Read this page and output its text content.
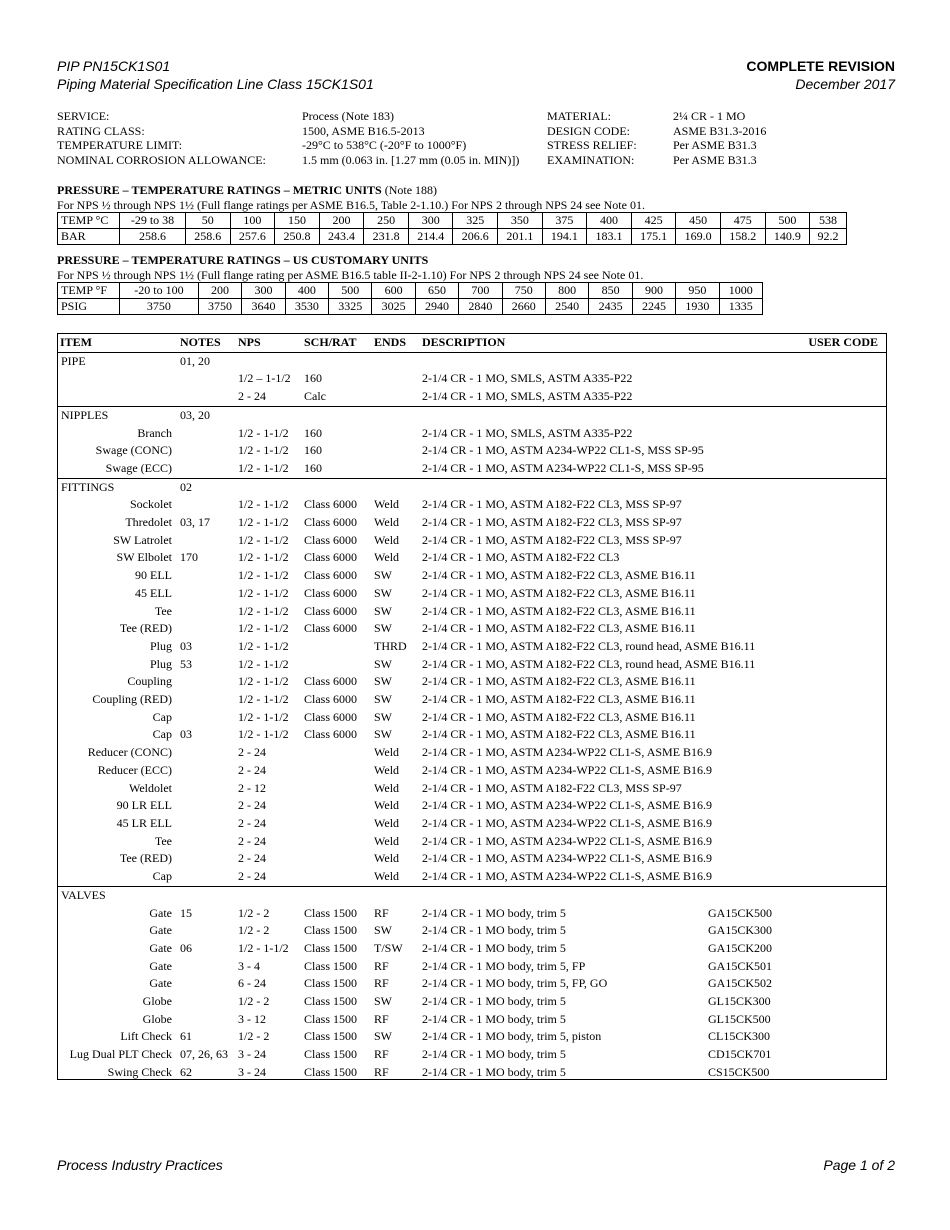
PIP PN15CK1S01
Piping Material Specification Line Class 15CK1S01
COMPLETE REVISION
December 2017
SERVICE:	Process (Note 183)	MATERIAL:	2¼ CR - 1 MO
RATING CLASS:	1500, ASME B16.5-2013	DESIGN CODE:	ASME B31.3-2016
TEMPERATURE LIMIT:	-29°C to 538°C (-20°F to 1000°F)	STRESS RELIEF:	Per ASME B31.3
NOMINAL CORROSION ALLOWANCE:	1.5 mm (0.063 in. [1.27 mm (0.05 in. MIN)])	EXAMINATION:	Per ASME B31.3
PRESSURE – TEMPERATURE RATINGS – METRIC UNITS (Note 188)
For NPS ½ through NPS 1½ (Full flange ratings per ASME B16.5, Table 2-1.10.) For NPS 2 through NPS 24 see Note 01.
TEMP °C	-29 to 38	50	100	150	200	250	300	325	350	375	400	425	450	475	500	538
BAR	258.6	258.6	257.6	250.8	243.4	231.8	214.4	206.6	201.1	194.1	183.1	175.1	169.0	158.2	140.9	92.2
PRESSURE – TEMPERATURE RATINGS – US CUSTOMARY UNITS
For NPS ½ through NPS 1½ (Full flange rating per ASME B16.5 table II-2-1.10) For NPS 2 through NPS 24 see Note 01.
TEMP °F	-20 to 100	200	300	400	500	600	650	700	750	800	850	900	950	1000
PSIG	3750	3750	3640	3530	3325	3025	2940	2840	2660	2540	2435	2245	1930	1335
ITEM	NOTES	NPS	SCH/RAT	ENDS	DESCRIPTION	USER CODE
PIPE	01, 20					
		1/2 – 1-1/2	160		2-1/4 CR - 1 MO, SMLS, ASTM A335-P22	
		2 - 24	Calc		2-1/4 CR - 1 MO, SMLS, ASTM A335-P22	
NIPPLES	03, 20					
Branch		1/2 - 1-1/2	160		2-1/4 CR - 1 MO, SMLS, ASTM A335-P22	
Swage (CONC)		1/2 - 1-1/2	160		2-1/4 CR - 1 MO, ASTM A234-WP22 CL1-S, MSS SP-95	
Swage (ECC)		1/2 - 1-1/2	160		2-1/4 CR - 1 MO, ASTM A234-WP22 CL1-S, MSS SP-95	
FITTINGS	02					
Sockolet		1/2 - 1-1/2	Class 6000	Weld	2-1/4 CR - 1 MO, ASTM A182-F22 CL3, MSS SP-97	
Thredolet	03, 17	1/2 - 1-1/2	Class 6000	Weld	2-1/4 CR - 1 MO, ASTM A182-F22 CL3, MSS SP-97	
SW Latrolet		1/2 - 1-1/2	Class 6000	Weld	2-1/4 CR - 1 MO, ASTM A182-F22 CL3, MSS SP-97	
SW Elbolet	170	1/2 - 1-1/2	Class 6000	Weld	2-1/4 CR - 1 MO, ASTM A182-F22 CL3	
90 ELL		1/2 - 1-1/2	Class 6000	SW	2-1/4 CR - 1 MO, ASTM A182-F22 CL3, ASME B16.11	
45 ELL		1/2 - 1-1/2	Class 6000	SW	2-1/4 CR - 1 MO, ASTM A182-F22 CL3, ASME B16.11	
Tee		1/2 - 1-1/2	Class 6000	SW	2-1/4 CR - 1 MO, ASTM A182-F22 CL3, ASME B16.11	
Tee (RED)		1/2 - 1-1/2	Class 6000	SW	2-1/4 CR - 1 MO, ASTM A182-F22 CL3, ASME B16.11	
Plug	03	1/2 - 1-1/2		THRD	2-1/4 CR - 1 MO, ASTM A182-F22 CL3, round head, ASME B16.11	
Plug	53	1/2 - 1-1/2		SW	2-1/4 CR - 1 MO, ASTM A182-F22 CL3, round head, ASME B16.11	
Coupling		1/2 - 1-1/2	Class 6000	SW	2-1/4 CR - 1 MO, ASTM A182-F22 CL3, ASME B16.11	
Coupling (RED)		1/2 - 1-1/2	Class 6000	SW	2-1/4 CR - 1 MO, ASTM A182-F22 CL3, ASME B16.11	
Cap		1/2 - 1-1/2	Class 6000	SW	2-1/4 CR - 1 MO, ASTM A182-F22 CL3, ASME B16.11	
Cap	03	1/2 - 1-1/2	Class 6000	SW	2-1/4 CR - 1 MO, ASTM A182-F22 CL3, ASME B16.11	
Reducer (CONC)		2 - 24		Weld	2-1/4 CR - 1 MO, ASTM A234-WP22 CL1-S, ASME B16.9	
Reducer (ECC)		2 - 24		Weld	2-1/4 CR - 1 MO, ASTM A234-WP22 CL1-S, ASME B16.9	
Weldolet		2 - 12		Weld	2-1/4 CR - 1 MO, ASTM A182-F22 CL3, MSS SP-97	
90 LR ELL		2 - 24		Weld	2-1/4 CR - 1 MO, ASTM A234-WP22 CL1-S, ASME B16.9	
45 LR ELL		2 - 24		Weld	2-1/4 CR - 1 MO, ASTM A234-WP22 CL1-S, ASME B16.9	
Tee		2 - 24		Weld	2-1/4 CR - 1 MO, ASTM A234-WP22 CL1-S, ASME B16.9	
Tee (RED)		2 - 24		Weld	2-1/4 CR - 1 MO, ASTM A234-WP22 CL1-S, ASME B16.9	
Cap		2 - 24		Weld	2-1/4 CR - 1 MO, ASTM A234-WP22 CL1-S, ASME B16.9	
VALVES						
Gate	15	1/2 - 2	Class 1500	RF	2-1/4 CR - 1 MO body, trim 5	GA15CK500
Gate		1/2 - 2	Class 1500	SW	2-1/4 CR - 1 MO body, trim 5	GA15CK300
Gate	06	1/2 - 1-1/2	Class 1500	T/SW	2-1/4 CR - 1 MO body, trim 5	GA15CK200
Gate		3 - 4	Class 1500	RF	2-1/4 CR - 1 MO body, trim 5, FP	GA15CK501
Gate		6 - 24	Class 1500	RF	2-1/4 CR - 1 MO body, trim 5, FP, GO	GA15CK502
Globe		1/2 - 2	Class 1500	SW	2-1/4 CR - 1 MO body, trim 5	GL15CK300
Globe		3 - 12	Class 1500	RF	2-1/4 CR - 1 MO body, trim 5	GL15CK500
Lift Check	61	1/2 - 2	Class 1500	SW	2-1/4 CR - 1 MO body, trim 5, piston	CL15CK300
Lug Dual PLT Check	07, 26, 63	3 - 24	Class 1500	RF	2-1/4 CR - 1 MO body, trim 5	CD15CK701
Swing Check	62	3 - 24	Class 1500	RF	2-1/4 CR - 1 MO body, trim 5	CS15CK500
Process Industry Practices	Page 1 of 2
